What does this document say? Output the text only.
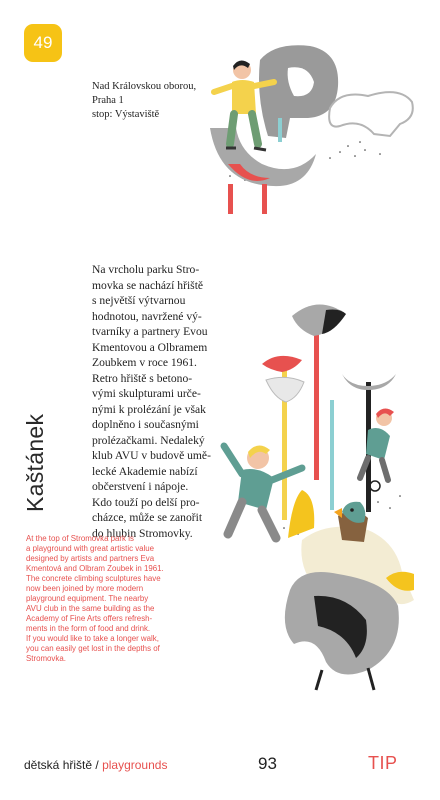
49
Nad Královskou oborou,
Praha 1
stop: Výstaviště
Kaštánek
Na vrcholu parku Stro-
movka se nachází hřiště
s největší výtvarnou
hodnotou, navržené vý-
tvarníky a partnery Evou
Kmentovou a Olbramem
Zoubkem v roce 1961.
Retro hřiště s betono-
vými skulpturami urče-
nými k prolézání je však
doplněno i současnými
prolézačkami. Nedaleký
klub AVU v budově umě-
lecké Akademie nabízí
občerstvení i nápoje.
Kdo touží po delší pro-
cházce, může se zanořit
do hlubin Stromovky.
At the top of Stromovka park is
a playground with great artistic value
designed by artists and partners Eva
Kmentová and Olbram Zoubek in 1961.
The concrete climbing sculptures have
now been joined by more modern
playground equipment. The nearby
AVU club in the same building as the
Academy of Fine Arts offers refresh-
ments in the form of food and drink.
If you would like to take a longer walk,
you can easily get lost in the depths of
Stromovka.
dětská hřiště / playgrounds	93	TIP
